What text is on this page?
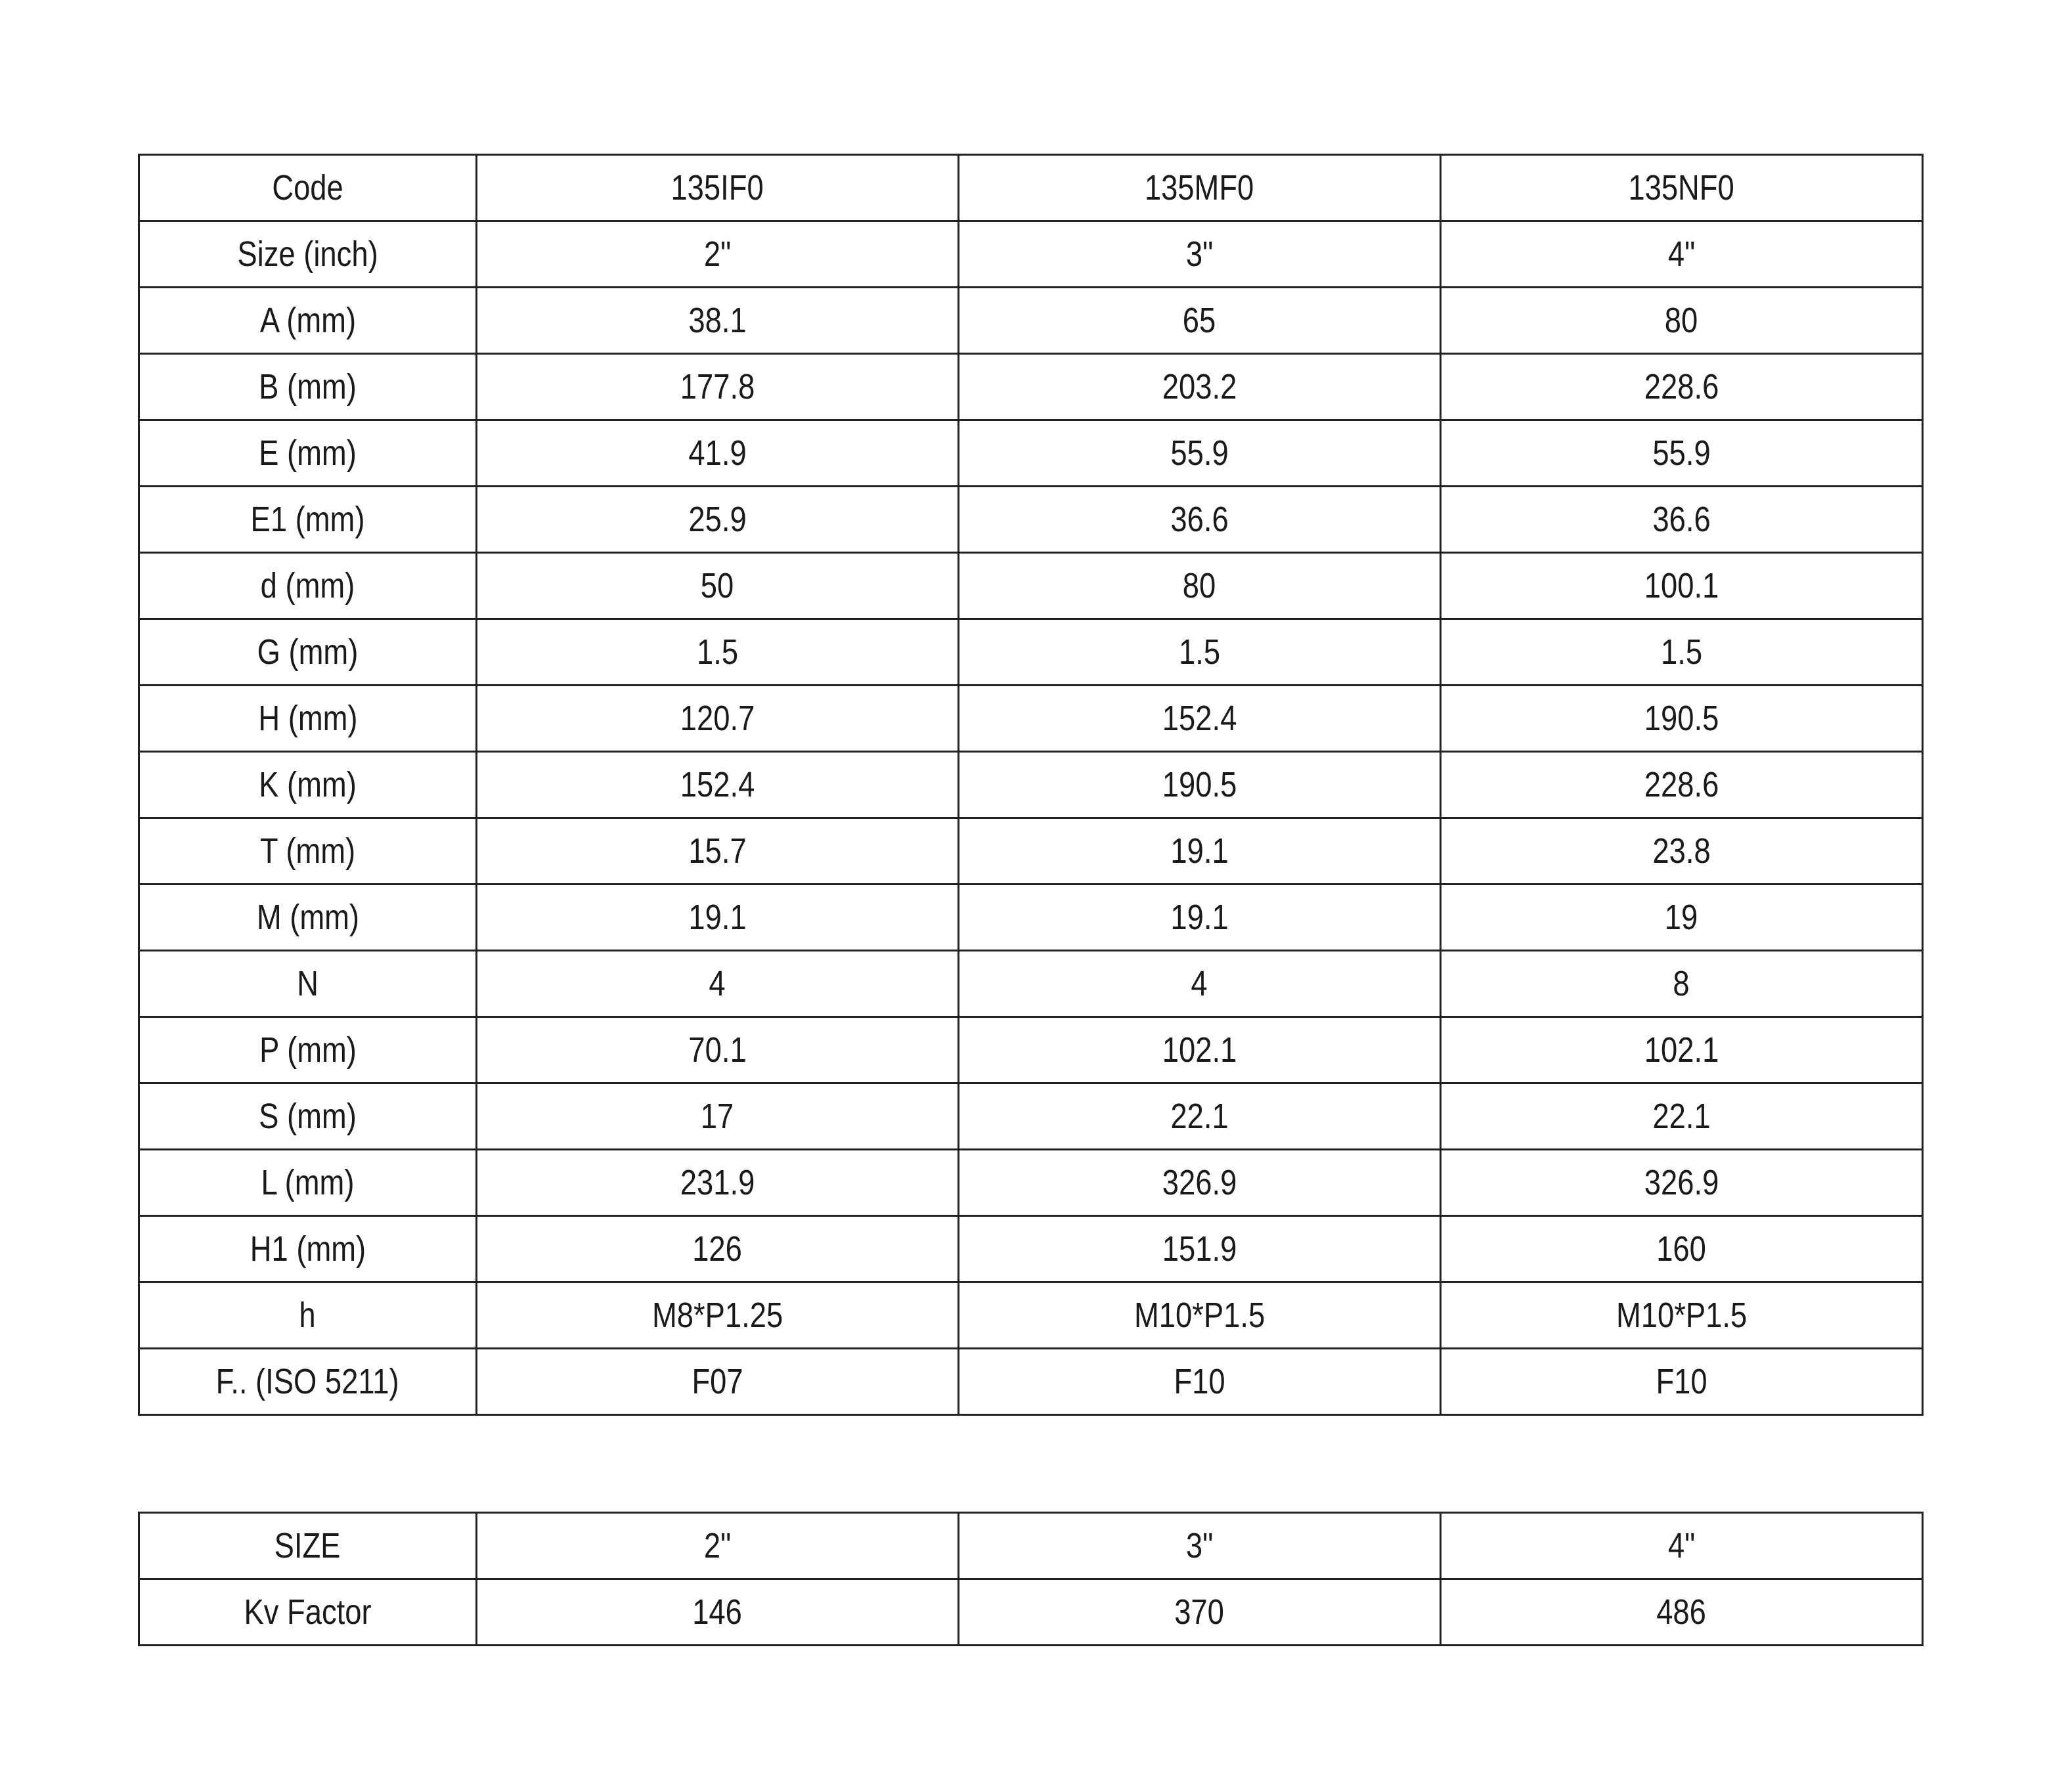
Code	135IF0	135MF0	135NF0
Size (inch)	2"	3"	4"
A (mm)	38.1	65	80
B (mm)	177.8	203.2	228.6
E (mm)	41.9	55.9	55.9
E1 (mm)	25.9	36.6	36.6
d (mm)	50	80	100.1
G (mm)	1.5	1.5	1.5
H (mm)	120.7	152.4	190.5
K (mm)	152.4	190.5	228.6
T (mm)	15.7	19.1	23.8
M (mm)	19.1	19.1	19
N	4	4	8
P (mm)	70.1	102.1	102.1
S (mm)	17	22.1	22.1
L (mm)	231.9	326.9	326.9
H1 (mm)	126	151.9	160
h	M8*P1.25	M10*P1.5	M10*P1.5
F.. (ISO 5211)	F07	F10	F10
SIZE	2"	3"	4"
Kv Factor	146	370	486
